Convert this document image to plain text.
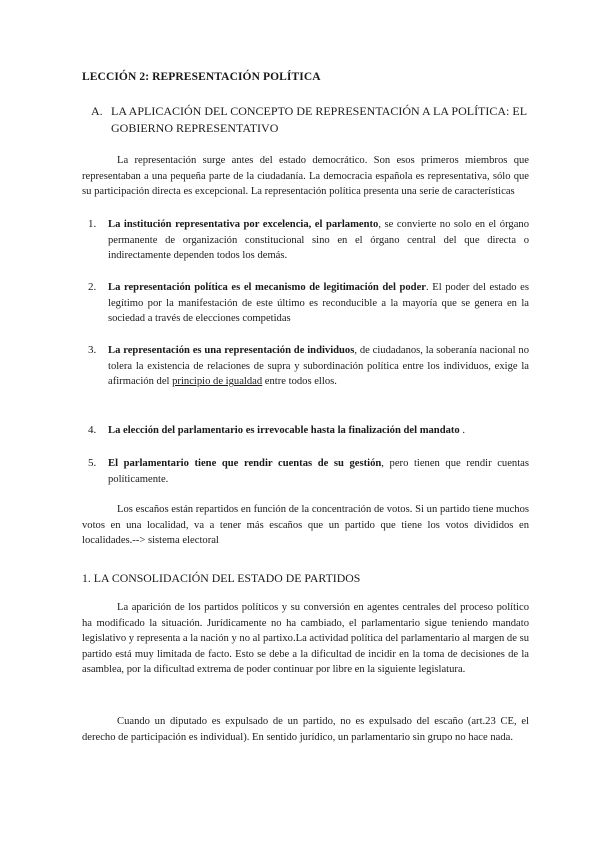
LECCIÓN 2: REPRESENTACIÓN POLÍTICA
A. LA APLICACIÓN DEL CONCEPTO DE REPRESENTACIÓN A LA POLÍTICA: EL GOBIERNO REPRESENTATIVO
La representación surge antes del estado democrático. Son esos primeros miembros que representaban a una pequeña parte de la ciudadanía. La democracia española es representativa, sólo que su participación directa es excepcional. La representación política presenta una serie de características
1. La institución representativa por excelencia, el parlamento, se convierte no solo en el órgano permanente de organización constitucional sino en el órgano central del que directa o indirectamente dependen todos los demás.
2. La representación política es el mecanismo de legitimación del poder. El poder del estado es legítimo por la manifestación de este último es reconducible a la mayoría que se genera en la sociedad a través de elecciones competidas
3. La representación es una representación de individuos, de ciudadanos, la soberanía nacional no tolera la existencia de relaciones de supra y subordinación política entre los individuos, exige la afirmación del principio de igualdad entre todos ellos.
4. La elección del parlamentario es irrevocable hasta la finalización del mandato .
5. El parlamentario tiene que rendir cuentas de su gestión, pero tienen que rendir cuentas políticamente.
Los escaños están repartidos en función de la concentración de votos. Si un partido tiene muchos votos en una localidad, va a tener más escaños que un partido que tiene los votos divididos en localidades.--> sistema electoral
1. LA CONSOLIDACIÓN DEL ESTADO DE PARTIDOS
La aparición de los partidos políticos y su conversión en agentes centrales del proceso político ha modificado la situación. Jurídicamente no ha cambiado, el parlamentario sigue teniendo mandato legislativo y representa a la nación y no al partixo.La actividad política del parlamentario al margen de su partido está muy limitada de facto. Esto se debe a la dificultad de incidir en la toma de decisiones de la asamblea, por la dificultad extrema de poder continuar por libre en la siguiente legislatura.
Cuando un diputado es expulsado de un partido, no es expulsado del escaño (art.23 CE, el derecho de participación es individual). En sentido jurídico, un parlamentario sin grupo no hace nada.
